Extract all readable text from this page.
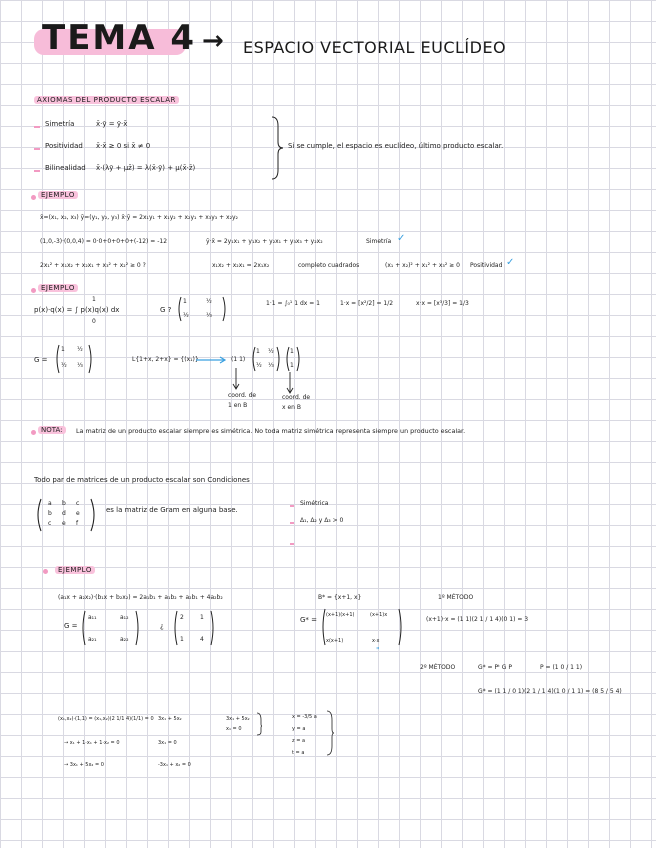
TEMA 4 → ESPACIO VECTORIAL EUCLÍDEO
AXIOMAS DEL PRODUCTO ESCALAR
Simetría	x̄·ȳ = ȳ·x̄
Positividad x̄·x̄ ≥ 0 si x̄ ≠ 0
Bilinealidad x̄·(λȳ + μz̄) = λ(x̄·ȳ) + μ(x̄·z̄)
Si se cumple, el espacio es euclídeo, último producto escalar.
EJEMPLO
x̄=(x₁, x₂, x₃) ȳ=(y₁, y₂, y₃) x̄·ȳ = 2x₁y₁ + x₁y₂ + x₂y₁ + x₃y₃ + x₂y₂
(1,0,-3)·(0,0,4) = 0·0+0+0+0+(-12) = -12	ȳ·x̄ = 2y₁x₁ + y₁x₂ + y₂x₁ + y₃x₃ + y₂x₂	Simetría ✓
2x₁² + x₁x₂ + x₂x₁ + x₃² + x₂² ≥ 0 ?	x₁x₂ + x₂x₁ = 2x₁x₂	completo cuadrados	(x₁ + x₂)² + x₁² + x₃² ≥ 0 Positividad ✓
EJEMPLO
p(x)·q(x) = ∫ p(x)q(x) dx
1
0
G ?
1	½
½	⅓
1·1 = ∫₀¹ 1 dx = 1	1·x = [x²/2] = 1/2	x·x = [x³/3] = 1/3
G =
1 ½
½ ⅓
L{1+x, 2+x} = {(x₁)}	(1 1)
1 ½
½ ⅓
1
1
coord. de
1 en B
coord. de
x en B
NOTA:	La matriz de un producto escalar siempre es simétrica. No toda matriz simétrica representa siempre un producto escalar.
Todo par de matrices de un producto escalar son Condiciones
a b c
b d e
c e f
es la matriz de Gram en alguna base.
Simétrica
Δ₁, Δ₂ y Δ₃ > 0
EJEMPLO
(a₁x + a₂x₂)·(b₁x + b₂x₂) = 2a₁b₁ + a₁b₂ + a₂b₁ + 4a₂b₂
G =
a₁₁	a₁₂
a₂₁	a₂₂
¿
2	1
1	4
B* = {x+1, x}	1º MÉTODO
G* =
(x+1)(x+1)	(x+1)x
x(x+1)	x·x
"
(x+1)·x = (1 1)(2 1 / 1 4)(0 1) = 3
2º MÉTODO	G* = Pᵗ G P	P = (1 0 / 1 1)
G* = (1 1 / 0 1)(2 1 / 1 4)(1 0 / 1 1) = (8 5 / 5 4)
(x₁,x₂)·(1,1) = (x₁,x₂)(2 1/1 4)(1/1) = 0
→ x₁ + 1·x₁ + 1·x₂ = 0
→ 3x₁ + 5x₂ = 0
3x₁ + 5x₂
3x₁ = 0
-3x₁ + x₂ = 0
3x₁ + 5x₂
x₁ = 0
x = -3/5 a
y = a
z = a
t = a
